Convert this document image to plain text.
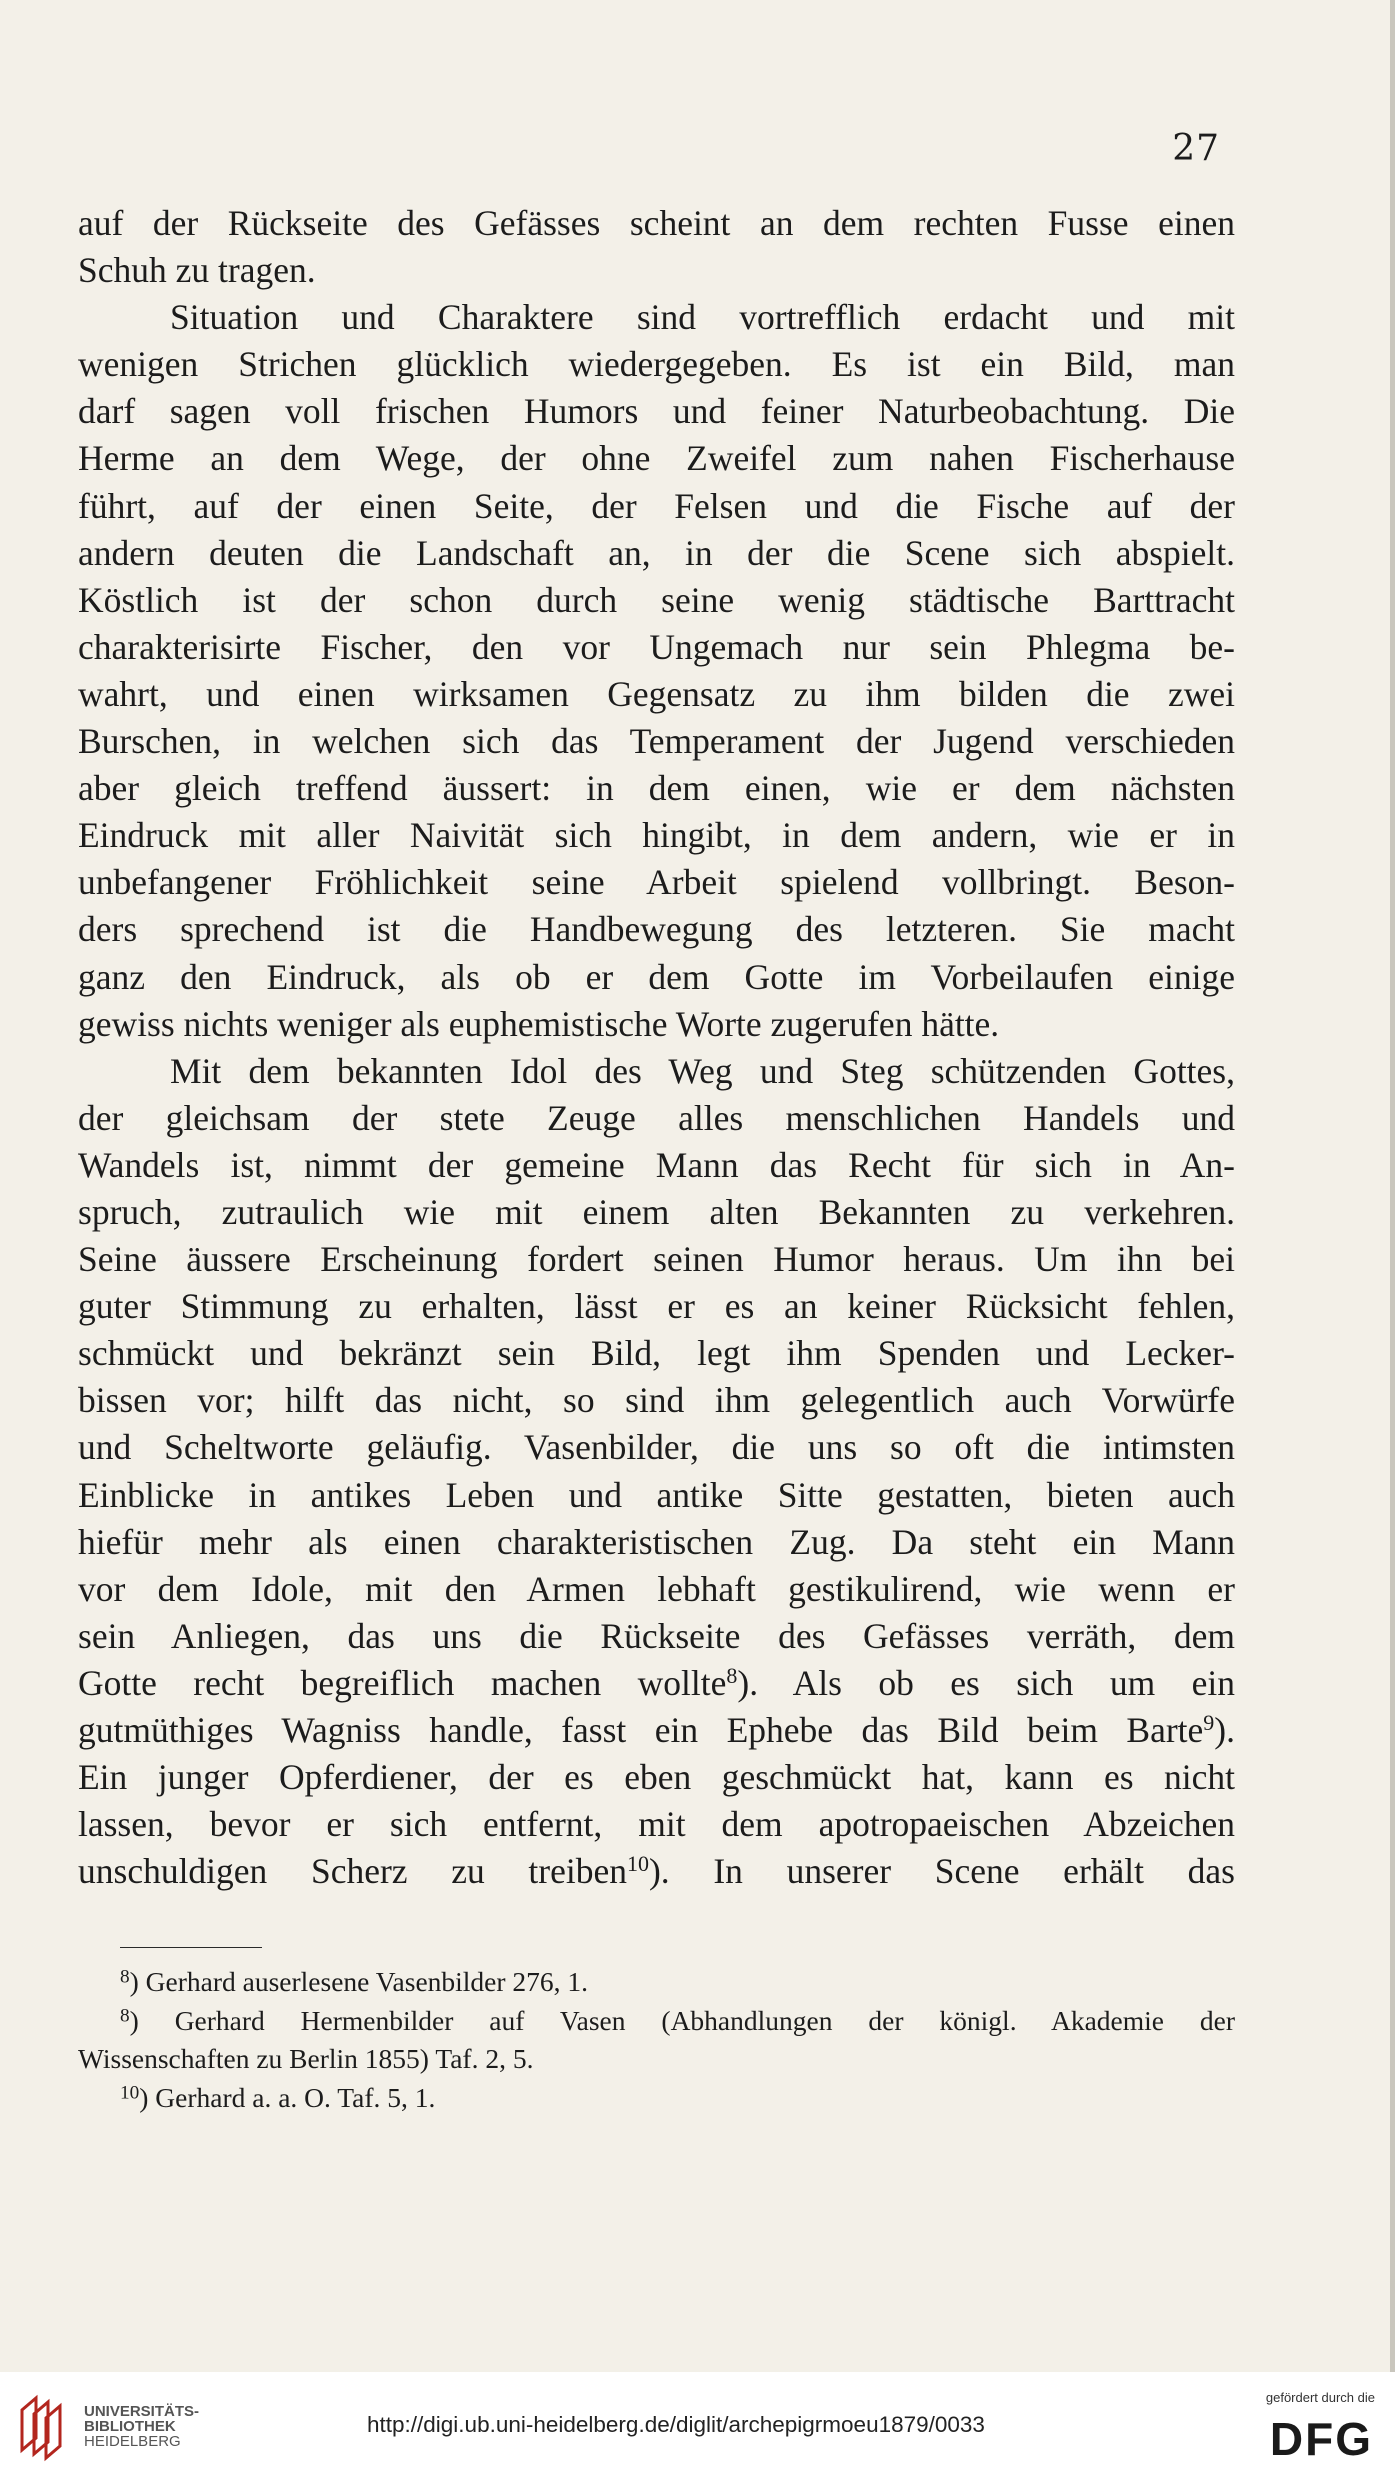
27
auf der Rückseite des Gefässes scheint an dem rechten Fusse einen
Schuh zu tragen.
Situation und Charaktere sind vortrefflich erdacht und mit
wenigen Strichen glücklich wiedergegeben. Es ist ein Bild, man
darf sagen voll frischen Humors und feiner Naturbeobachtung. Die
Herme an dem Wege, der ohne Zweifel zum nahen Fischerhause
führt, auf der einen Seite, der Felsen und die Fische auf der
andern deuten die Landschaft an, in der die Scene sich abspielt.
Köstlich ist der schon durch seine wenig städtische Barttracht
charakterisirte Fischer, den vor Ungemach nur sein Phlegma be-
wahrt, und einen wirksamen Gegensatz zu ihm bilden die zwei
Burschen, in welchen sich das Temperament der Jugend verschieden
aber gleich treffend äussert: in dem einen, wie er dem nächsten
Eindruck mit aller Naivität sich hingibt, in dem andern, wie er in
unbefangener Fröhlichkeit seine Arbeit spielend vollbringt. Beson-
ders sprechend ist die Handbewegung des letzteren. Sie macht
ganz den Eindruck, als ob er dem Gotte im Vorbeilaufen einige
gewiss nichts weniger als euphemistische Worte zugerufen hätte.
Mit dem bekannten Idol des Weg und Steg schützenden Gottes,
der gleichsam der stete Zeuge alles menschlichen Handels und
Wandels ist, nimmt der gemeine Mann das Recht für sich in An-
spruch, zutraulich wie mit einem alten Bekannten zu verkehren.
Seine äussere Erscheinung fordert seinen Humor heraus. Um ihn bei
guter Stimmung zu erhalten, lässt er es an keiner Rücksicht fehlen,
schmückt und bekränzt sein Bild, legt ihm Spenden und Lecker-
bissen vor; hilft das nicht, so sind ihm gelegentlich auch Vorwürfe
und Scheltworte geläufig. Vasenbilder, die uns so oft die intimsten
Einblicke in antikes Leben und antike Sitte gestatten, bieten auch
hiefür mehr als einen charakteristischen Zug. Da steht ein Mann
vor dem Idole, mit den Armen lebhaft gestikulirend, wie wenn er
sein Anliegen, das uns die Rückseite des Gefässes verräth, dem
Gotte recht begreiflich machen wollte$^8$). Als ob es sich um ein
gutmüthiges Wagniss handle, fasst ein Ephebe das Bild beim Barte$^9$).
Ein junger Opferdiener, der es eben geschmückt hat, kann es nicht
lassen, bevor er sich entfernt, mit dem apotropaeischen Abzeichen
unschuldigen Scherz zu treiben$^{10}$). In unserer Scene erhält das
$^8$) Gerhard auserlesene Vasenbilder 276, 1.
$^8$) Gerhard Hermenbilder auf Vasen (Abhandlungen der königl. Akademie der
Wissenschaften zu Berlin 1855) Taf. 2, 5.
$^{10}$) Gerhard a. a. O. Taf. 5, 1.
UNIVERSITÄTS-
BIBLIOTHEK
HEIDELBERG
http://digi.ub.uni-heidelberg.de/diglit/archepigrmoeu1879/0033
gefördert durch die
DFG
